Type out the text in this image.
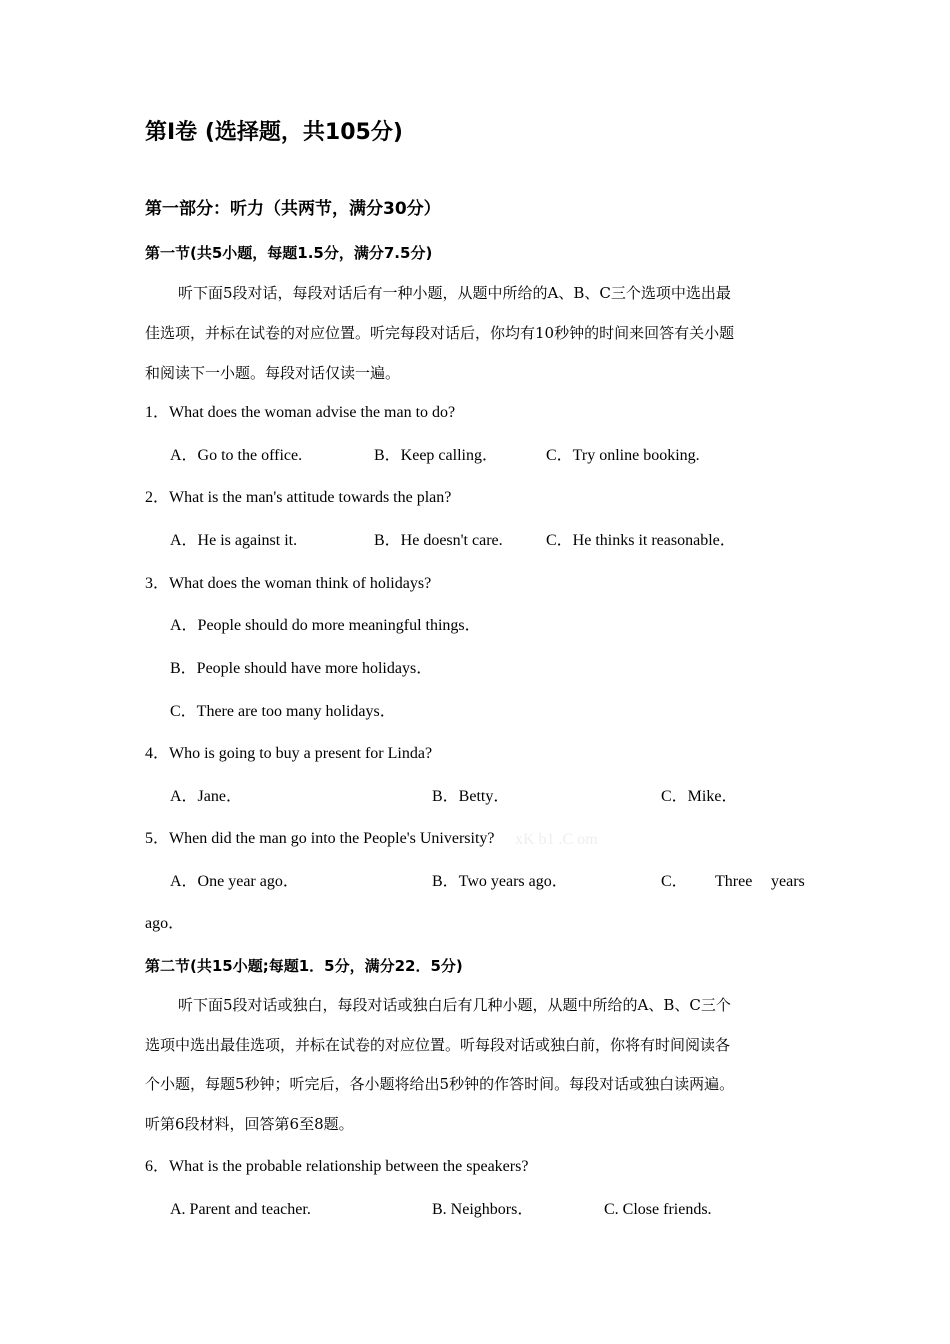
第Ⅰ卷 (选择题，共105分)
第一部分：听力（共两节，满分30分）
第一节(共5小题，每题1.5分，满分7.5分)
听下面5段对话，每段对话后有一种小题，从题中所给的A、B、C三个选项中选出最
佳选项，并标在试卷的对应位置。听完每段对话后，你均有10秒钟的时间来回答有关小题
和阅读下一小题。每段对话仅读一遍。
1．What does the woman advise the man to do?
A．Go to the office.	B．Keep calling．	C．Try online booking.
2．What is the man's attitude towards the plan?
A．He is against it.	B．He doesn't care.	C．He thinks it reasonable．
3．What does the woman think of holidays?
A．People should do more meaningful things．
B．People should have more holidays．
C．There are too many holidays．
4．Who is going to buy a present for Linda?
A．Jane．	B．Betty．	C．Mike．
5．When did the man go into the People's University? xK b1 .C om
A．One year ago．	B．Two years ago．	C． Three years
ago．
第二节(共15小题;每题1．5分，满分22．5分)
听下面5段对话或独白，每段对话或独白后有几种小题，从题中所给的A、B、C三个
选项中选出最佳选项，并标在试卷的对应位置。听每段对话或独白前，你将有时间阅读各
个小题，每题5秒钟；听完后，各小题将给出5秒钟的作答时间。每段对话或独白读两遍。
听第6段材料，回答第6至8题。
6．What is the probable relationship between the speakers?
A. Parent and teacher.	B. Neighbors．	C. Close friends.
